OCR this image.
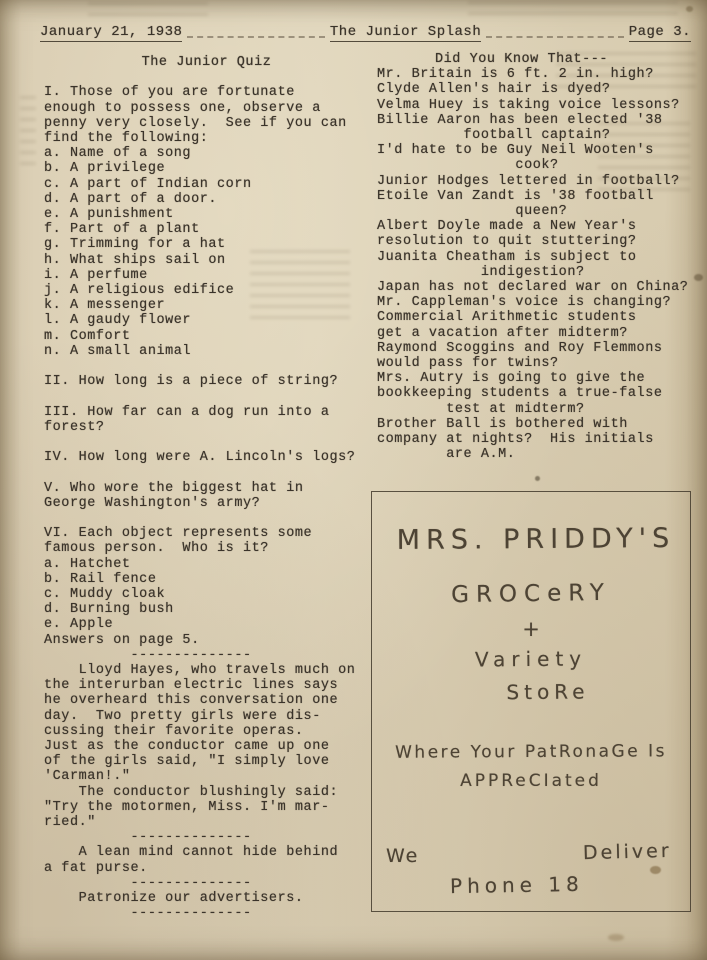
January 21, 1938	The Junior Splash	Page 3.
The Junior Quiz
I. Those of you are fortunate
enough to possess one, observe a
penny very closely.  See if you can
find the following:
a. Name of a song
b. A privilege
c. A part of Indian corn
d. A part of a door.
e. A punishment
f. Part of a plant
g. Trimming for a hat
h. What ships sail on
i. A perfume
j. A religious edifice
k. A messenger
l. A gaudy flower
m. Comfort
n. A small animal
II. How long is a piece of string?
III. How far can a dog run into a
forest?
IV. How long were A. Lincoln's logs?
V. Who wore the biggest hat in
George Washington's army?
VI. Each object represents some
famous person.  Who is it?
a. Hatchet
b. Rail fence
c. Muddy cloak
d. Burning bush
e. Apple
Answers on page 5.
--------------
Lloyd Hayes, who travels much on
the interurban electric lines says
he overheard this conversation one
day.  Two pretty girls were dis-
cussing their favorite operas.
Just as the conductor came up one
of the girls said, "I simply love
'Carman!."
The conductor blushingly said:
"Try the motormen, Miss. I'm mar-
ried."
--------------
A lean mind cannot hide behind
a fat purse.
--------------
Patronize our advertisers.
--------------
Did You Know That---
Mr. Britain is 6 ft. 2 in. high?
Clyde Allen's hair is dyed?
Velma Huey is taking voice lessons?
Billie Aaron has been elected '38
football captain?
I'd hate to be Guy Neil Wooten's
cook?
Junior Hodges lettered in football?
Etoile Van Zandt is '38 football
queen?
Albert Doyle made a New Year's
resolution to quit stuttering?
Juanita Cheatham is subject to
indigestion?
Japan has not declared war on China?
Mr. Cappleman's voice is changing?
Commercial Arithmetic students
get a vacation after midterm?
Raymond Scoggins and Roy Flemmons
would pass for twins?
Mrs. Autry is going to give the
bookkeeping students a true-false
test at midterm?
Brother Ball is bothered with
company at nights?  His initials
are A.M.
MRS. PRIDDY'S
GROCeRY
+
Variety
StoRe
Where Your PatRonaGe Is
APPReCIated
We	Deliver
Phone 18
